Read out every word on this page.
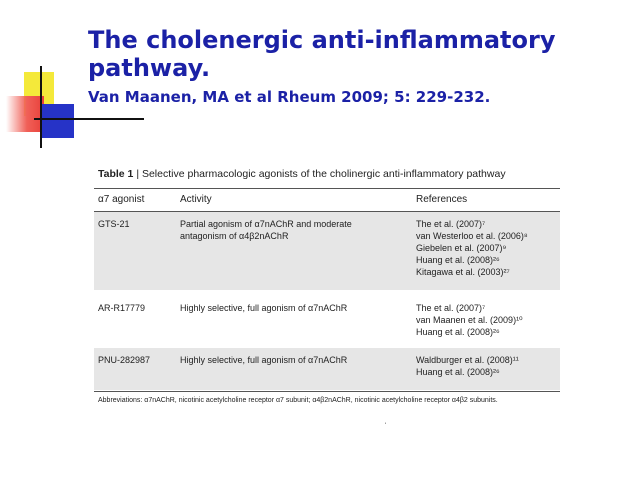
The cholenergic anti-inflammatory pathway.
Van Maanen, MA et al Rheum 2009; 5: 229-232.
Table 1 | Selective pharmacologic agonists of the cholinergic anti-inflammatory pathway
α7 agonist	Activity	References
GTS-21	Partial agonism of α7nAChR and moderate antagonism of α4β2nAChR
The et al. (2007)⁷
van Westerloo et al. (2006)⁸
Giebelen et al. (2007)⁹
Huang et al. (2008)²⁶
Kitagawa et al. (2003)²⁷
AR-R17779	Highly selective, full agonism of α7nAChR	The et al. (2007)⁷
van Maanen et al. (2009)¹⁰
Huang et al. (2008)²⁶
PNU-282987	Highly selective, full agonism of α7nAChR	Waldburger et al. (2008)¹¹
Huang et al. (2008)²⁶
Abbreviations: α7nAChR, nicotinic acetylcholine receptor α7 subunit; α4β2nAChR, nicotinic acetylcholine receptor α4β2 subunits.
ˌ
